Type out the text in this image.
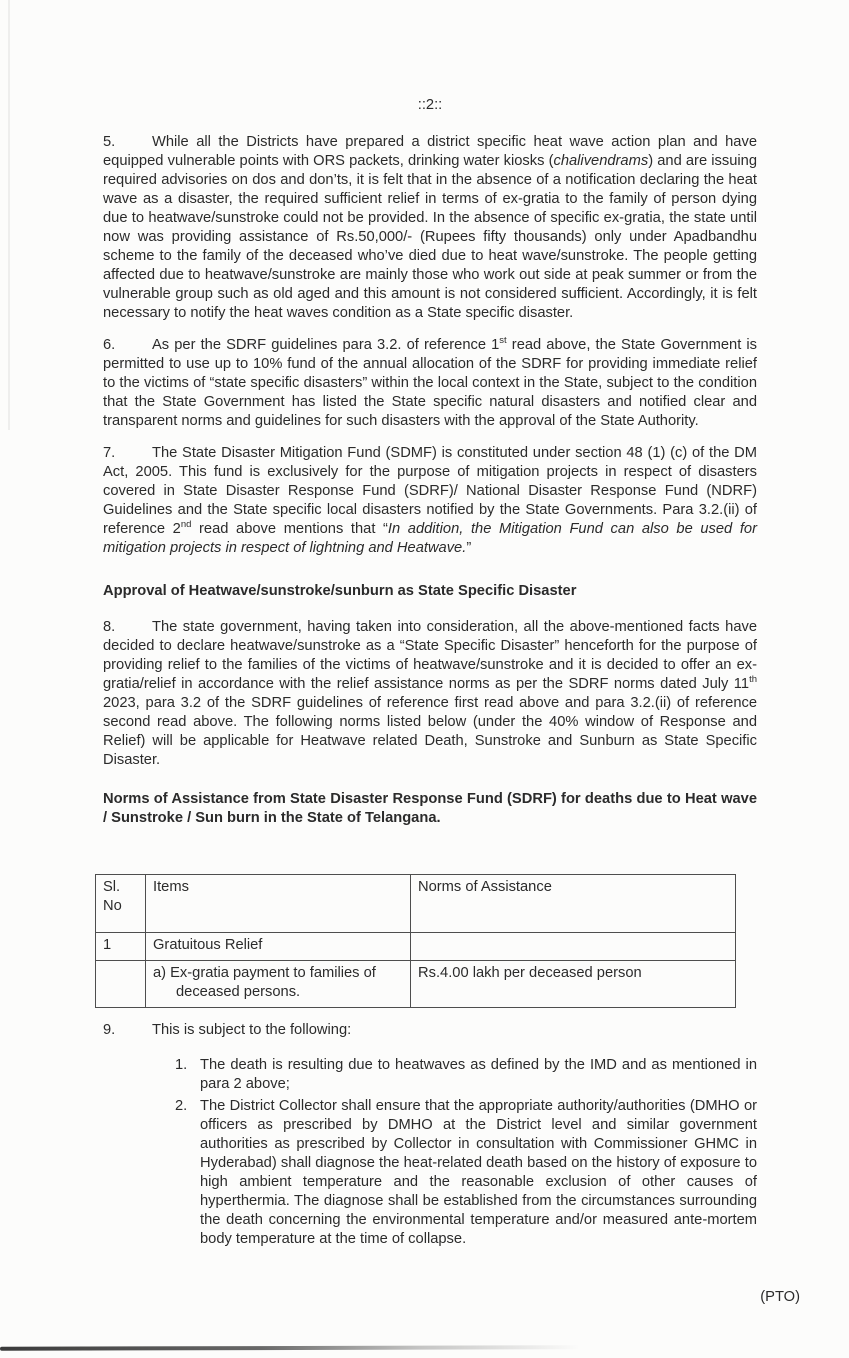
::2::
5.	While all the Districts have prepared a district specific heat wave action plan and have equipped vulnerable points with ORS packets, drinking water kiosks (chalivendrams) and are issuing required advisories on dos and don’ts, it is felt that in the absence of a notification declaring the heat wave as a disaster, the required sufficient relief in terms of ex-gratia to the family of person dying due to heatwave/sunstroke could not be provided. In the absence of specific ex-gratia, the state until now was providing assistance of Rs.50,000/- (Rupees fifty thousands) only under Apadbandhu scheme to the family of the deceased who’ve died due to heat wave/sunstroke. The people getting affected due to heatwave/sunstroke are mainly those who work out side at peak summer or from the vulnerable group such as old aged and this amount is not considered sufficient. Accordingly, it is felt necessary to notify the heat waves condition as a State specific disaster.
6.	As per the SDRF guidelines para 3.2. of reference 1st read above, the State Government is permitted to use up to 10% fund of the annual allocation of the SDRF for providing immediate relief to the victims of “state specific disasters” within the local context in the State, subject to the condition that the State Government has listed the State specific natural disasters and notified clear and transparent norms and guidelines for such disasters with the approval of the State Authority.
7.	The State Disaster Mitigation Fund (SDMF) is constituted under section 48 (1) (c) of the DM Act, 2005. This fund is exclusively for the purpose of mitigation projects in respect of disasters covered in State Disaster Response Fund (SDRF)/ National Disaster Response Fund (NDRF) Guidelines and the State specific local disasters notified by the State Governments. Para 3.2.(ii) of reference 2nd read above mentions that “In addition, the Mitigation Fund can also be used for mitigation projects in respect of lightning and Heatwave.”
Approval of Heatwave/sunstroke/sunburn as State Specific Disaster
8.	The state government, having taken into consideration, all the above-mentioned facts have decided to declare heatwave/sunstroke as a “State Specific Disaster” henceforth for the purpose of providing relief to the families of the victims of heatwave/sunstroke and it is decided to offer an ex-gratia/relief in accordance with the relief assistance norms as per the SDRF norms dated July 11th 2023, para 3.2 of the SDRF guidelines of reference first read above and para 3.2.(ii) of reference second read above. The following norms listed below (under the 40% window of Response and Relief) will be applicable for Heatwave related Death, Sunstroke and Sunburn as State Specific Disaster.
Norms of Assistance from State Disaster Response Fund (SDRF) for deaths due to Heat wave / Sunstroke / Sun burn in the State of Telangana.
Sl. No	Items	Norms of Assistance
1	Gratuitous Relief	
	a) Ex-gratia payment to families of deceased persons.	Rs.4.00 lakh per deceased person
9.	This is subject to the following:
1. The death is resulting due to heatwaves as defined by the IMD and as mentioned in para 2 above;
2. The District Collector shall ensure that the appropriate authority/authorities (DMHO or officers as prescribed by DMHO at the District level and similar government authorities as prescribed by Collector in consultation with Commissioner GHMC in Hyderabad) shall diagnose the heat-related death based on the history of exposure to high ambient temperature and the reasonable exclusion of other causes of hyperthermia. The diagnose shall be established from the circumstances surrounding the death concerning the environmental temperature and/or measured ante-mortem body temperature at the time of collapse.
(PTO)
